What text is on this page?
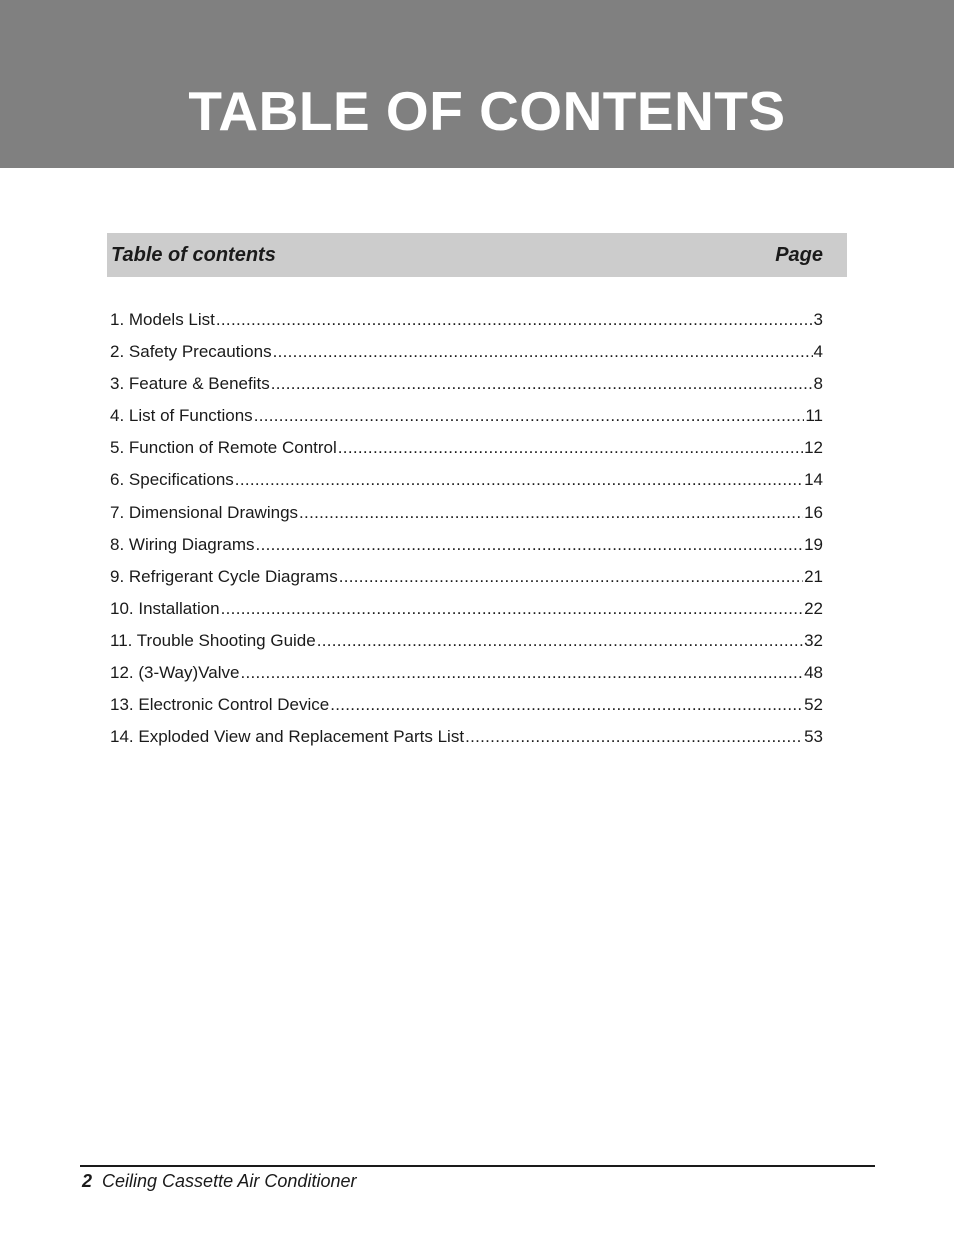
TABLE OF CONTENTS
Table of contents	Page
1. Models List .....	3
2. Safety Precautions .....	4
3. Feature & Benefits .....	8
4. List of Functions .....	11
5. Function of Remote Control .....	12
6. Specifications .....	14
7. Dimensional Drawings .....	16
8. Wiring Diagrams .....	19
9. Refrigerant Cycle Diagrams .....	21
10. Installation .....	22
11. Trouble Shooting Guide .....	32
12. (3-Way)Valve .....	48
13. Electronic Control Device .....	52
14. Exploded View and Replacement Parts List .....	53
2 Ceiling Cassette Air Conditioner
